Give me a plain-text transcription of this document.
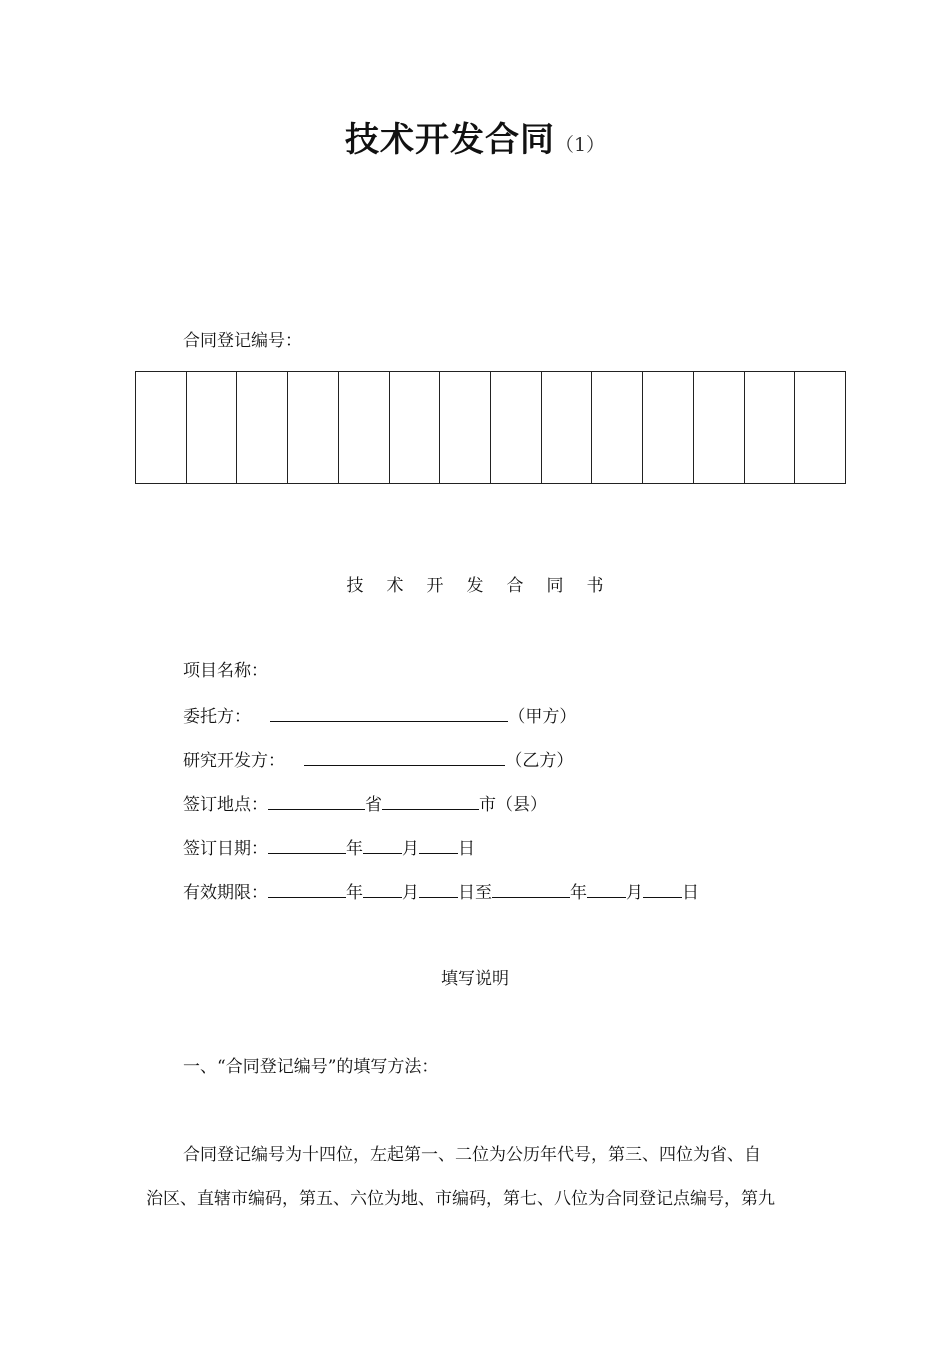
技术开发合同（1）
合同登记编号：
技术开发合同书
项目名称：
委托方：	（甲方）
研究开发方：	（乙方）
签订地点：	省	市（县）
签订日期：	年 月 日
有效期限：	年 月 日至	年 月 日
填写说明
一、“合同登记编号”的填写方法：
合同登记编号为十四位，左起第一、二位为公历年代号，第三、四位为省、自
治区、直辖市编码，第五、六位为地、市编码，第七、八位为合同登记点编号，第九
